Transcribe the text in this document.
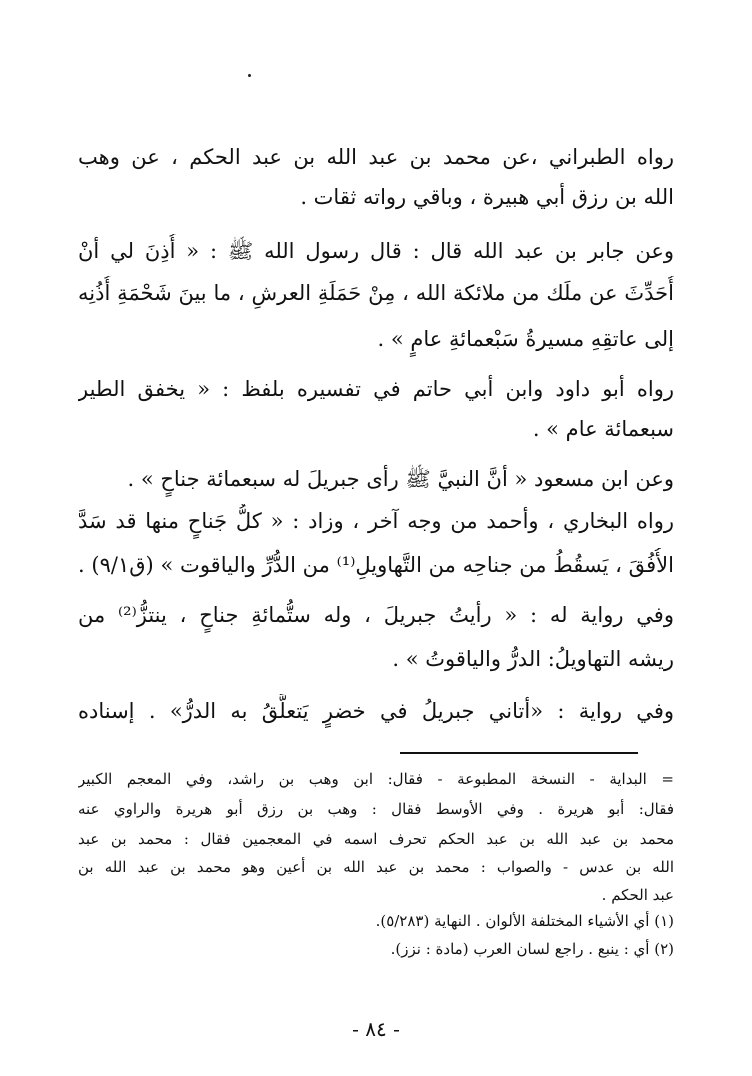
رواه الطبراني ،عن محمد بن عبد الله بن عبد الحكم ، عن وهب
الله بن رزق أبي هبيرة ، وباقي رواته ثقات .
وعن جابر بن عبد الله قال : قال رسول الله ﷺ : « أُذِنَ لي أنْ
أُحَدِّثَ عن ملَك من ملائكة الله ، مِنْ حَمَلَةِ العرشِ ، ما بينَ شَحْمَةِ أُذُنِه
إلى عاتقِهِ مسيرةُ سَبْعمائةِ عامٍ » .
رواه أبو داود وابن أبي حاتم في تفسيره بلفظ : « يخفق الطير
سبعمائة عام » .
وعن ابن مسعود « أنَّ النبيَّ ﷺ رأى جبريلَ له سبعمائة جناحٍ » .
رواه البخاري ، وأحمد من وجه آخر ، وزاد : « كلُّ جَناحٍ منها قد سَدَّ
الأُفُقَ ، يَسقُطُ من جناحِه من التَّهاويلِ⁽¹⁾ من الدُّرِّ والياقوت » (ق٩/١) .
وفي رواية له : « رأيتُ جبريلَ ، وله ستُّمائةِ جناحٍ ، ينتزُّ⁽²⁾ من
ريشه التهاويلُ: الدرُّ والياقوتُ » .
وفي رواية : «أتاني جبريلُ في خضرٍ يَتعلَّقُ به الدرُّ» . إسناده
= البداية - النسخة المطبوعة - فقال: ابن وهب بن راشد، وفي المعجم الكبير
فقال: أبو هريرة . وفي الأوسط فقال : وهب بن رزق أبو هريرة والراوي عنه
محمد بن عبد الله بن عبد الحكم تحرف اسمه في المعجمين فقال : محمد بن عبد
الله بن عدس - والصواب : محمد بن عبد الله بن أعين وهو محمد بن عبد الله بن
عبد الحكم .
(١) أي الأشياء المختلفة الألوان . النهاية (٥/٢٨٣).
(٢) أي : ينبع . راجع لسان العرب (مادة : نزز).
- ٨٤ -
